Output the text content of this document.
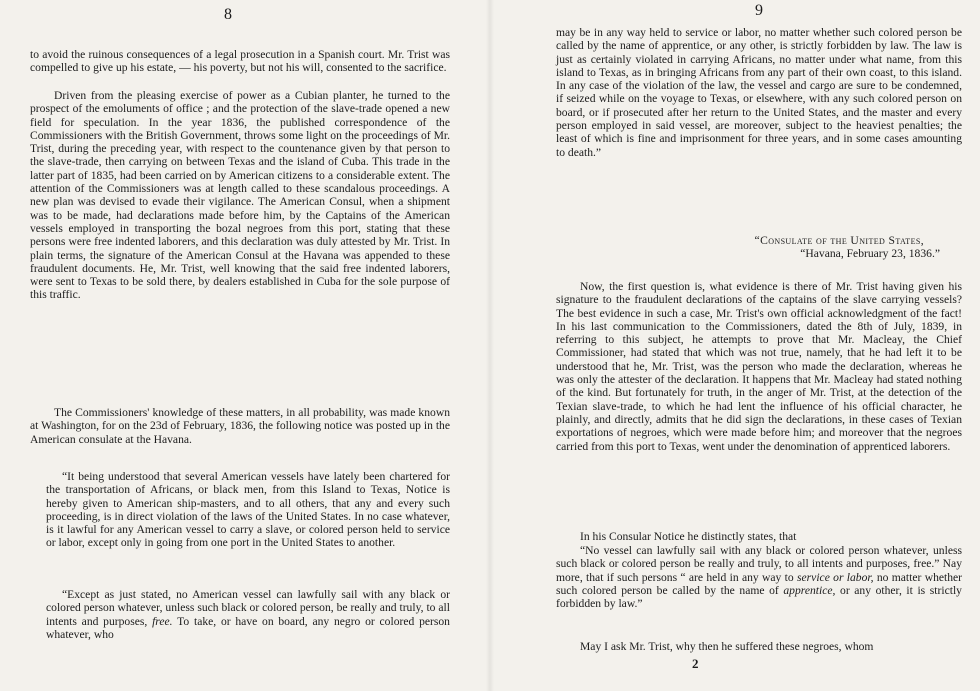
8

to avoid the ruinous consequences of a legal prosecution in a Spanish court. Mr. Trist was compelled to give up his estate, — his poverty, but not his will, consented to the sacrifice.

Driven from the pleasing exercise of power as a Cubian planter, he turned to the prospect of the emoluments of office ; and the protection of the slave-trade opened a new field for speculation. In the year 1836, the published correspondence of the Commissioners with the British Government, throws some light on the proceedings of Mr. Trist, during the preceding year, with respect to the countenance given by that person to the slave-trade, then carrying on between Texas and the island of Cuba. This trade in the latter part of 1835, had been carried on by American citizens to a considerable extent. The attention of the Commissioners was at length called to these scandalous proceedings. A new plan was devised to evade their vigilance. The American Consul, when a shipment was to be made, had declarations made before him, by the Captains of the American vessels employed in transporting the bozal negroes from this port, stating that these persons were free indented laborers, and this declaration was duly attested by Mr. Trist. In plain terms, the signature of the American Consul at the Havana was appended to these fraudulent documents. He, Mr. Trist, well knowing that the said free indented laborers, were sent to Texas to be sold there, by dealers established in Cuba for the sole purpose of this traffic.

The Commissioners' knowledge of these matters, in all probability, was made known at Washington, for on the 23d of February, 1836, the following notice was posted up in the American consulate at the Havana.

“It being understood that several American vessels have lately been chartered for the transportation of Africans, or black men, from this Island to Texas, Notice is hereby given to American ship-masters, and to all others, that any and every such proceeding, is in direct violation of the laws of the United States. In no case whatever, is it lawful for any American vessel to carry a slave, or colored person held to service or labor, except only in going from one port in the United States to another.

“Except as just stated, no American vessel can lawfully sail with any black or colored person whatever, unless such black or colored person, be really and truly, to all intents and purposes, free. To take, or have on board, any negro or colored person whatever, who

9

may be in any way held to service or labor, no matter whether such colored person be called by the name of apprentice, or any other, is strictly forbidden by law. The law is just as certainly violated in carrying Africans, no matter under what name, from this island to Texas, as in bringing Africans from any part of their own coast, to this island. In any case of the violation of the law, the vessel and cargo are sure to be condemned, if seized while on the voyage to Texas, or elsewhere, with any such colored person on board, or if prosecuted after her return to the United States, and the master and every person employed in said vessel, are moreover, subject to the heaviest penalties; the least of which is fine and imprisonment for three years, and in some cases amounting to death.”

“Consulate of the United States,

“Havana, February 23, 1836.”

Now, the first question is, what evidence is there of Mr. Trist having given his signature to the fraudulent declarations of the captains of the slave carrying vessels? The best evidence in such a case, Mr. Trist's own official acknowledgment of the fact! In his last communication to the Commissioners, dated the 8th of July, 1839, in referring to this subject, he attempts to prove that Mr. Macleay, the Chief Commissioner, had stated that which was not true, namely, that he had left it to be understood that he, Mr. Trist, was the person who made the declaration, whereas he was only the attester of the declaration. It happens that Mr. Macleay had stated nothing of the kind. But fortunately for truth, in the anger of Mr. Trist, at the detection of the Texian slave-trade, to which he had lent the influence of his official character, he plainly, and directly, admits that he did sign the declarations, in these cases of Texian exportations of negroes, which were made before him; and moreover that the negroes carried from this port to Texas, went under the denomination of apprenticed laborers.

In his Consular Notice he distinctly states, that

“No vessel can lawfully sail with any black or colored person whatever, unless such black or colored person be really and truly, to all intents and purposes, free.” Nay more, that if such persons “ are held in any way to service or labor, no matter whether such colored person be called by the name of apprentice, or any other, it is strictly forbidden by law.”

May I ask Mr. Trist, why then he suffered these negroes, whom

2
